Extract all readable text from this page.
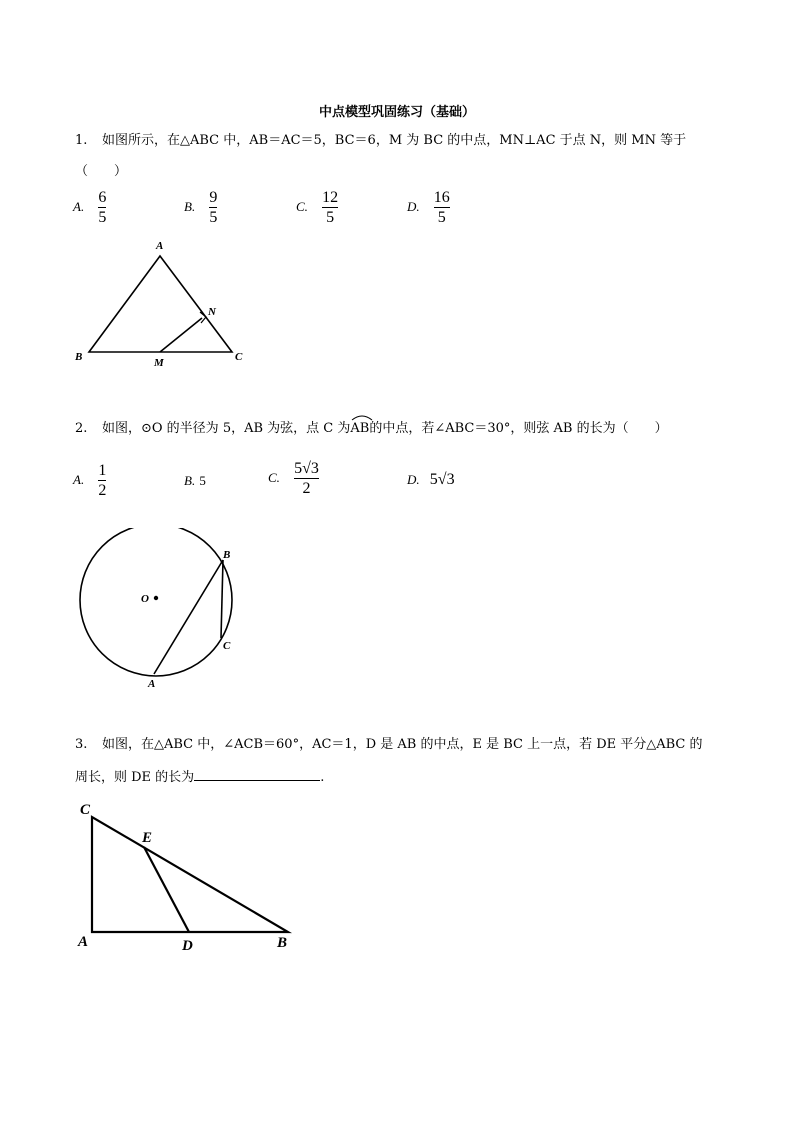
中点模型巩固练习（基础）
1. 如图所示，在△ABC 中，AB＝AC＝5，BC＝6，M 为 BC 的中点，MN⊥AC 于点 N，则 MN 等于
（　　）
A. $\frac{6}{5}$	B. $\frac{9}{5}$	C. $\frac{12}{5}$	D. $\frac{16}{5}$
A
B	C
M
N
2. 如图，⊙O 的半径为 5，AB 为弦，点 C 为
AB的中点，若∠ABC＝30°，则弦 AB 的长为（　　）
A. $\frac{1}{2}$	B. 5	C. $\frac{5√3}{2}$	D. 5√3
O
B
C
A
3. 如图，在△ABC 中，∠ACB＝60°，AC＝1，D 是 AB 的中点，E 是 BC 上一点，若 DE 平分△ABC 的
周长，则 DE 的长为	.
C
E
A	D	B
